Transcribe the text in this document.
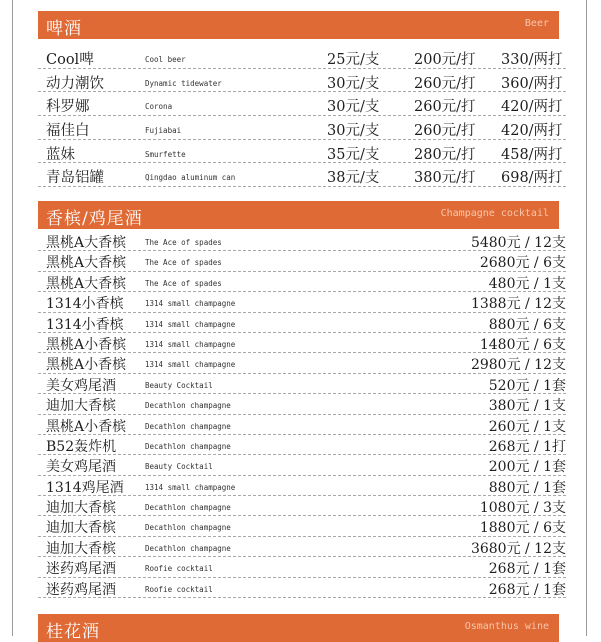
啤酒	Beer
Cool啤	Cool beer	25元/支 200元/打 330/两打
动力潮饮	Dynamic tidewater	30元/支 260元/打 360/两打
科罗娜	Corona	30元/支 260元/打 420/两打
福佳白	Fujiabai	30元/支 260元/打 420/两打
蓝妹	Smurfette	35元/支 280元/打 458/两打
青岛铝罐	Qingdao aluminum can	38元/支 380元/打 698/两打
香槟/鸡尾酒	Champagne cocktail
黑桃A大香槟	The Ace of spades	5480元 / 12支
黑桃A大香槟	The Ace of spades	2680元 / 6支
黑桃A大香槟	The Ace of spades	480元 / 1支
1314小香槟	1314 small champagne	1388元 / 12支
1314小香槟	1314 small champagne	880元 / 6支
黑桃A小香槟	1314 small champagne	1480元 / 6支
黑桃A小香槟	1314 small champagne	2980元 / 12支
美女鸡尾酒	Beauty Cocktail	520元 / 1套
迪加大香槟	Decathlon champagne	380元 / 1支
黑桃A小香槟	Decathlon champagne	260元 / 1支
B52轰炸机	Decathlon champagne	268元 / 1打
美女鸡尾酒	Beauty Cocktail	200元 / 1套
1314鸡尾酒	1314 small champagne	880元 / 1套
迪加大香槟	Decathlon champagne	1080元 / 3支
迪加大香槟	Decathlon champagne	1880元 / 6支
迪加大香槟	Decathlon champagne	3680元 / 12支
迷药鸡尾酒	Roofie cocktail	268元 / 1套
迷药鸡尾酒	Roofie cocktail	268元 / 1套
桂花酒	Osmanthus wine
